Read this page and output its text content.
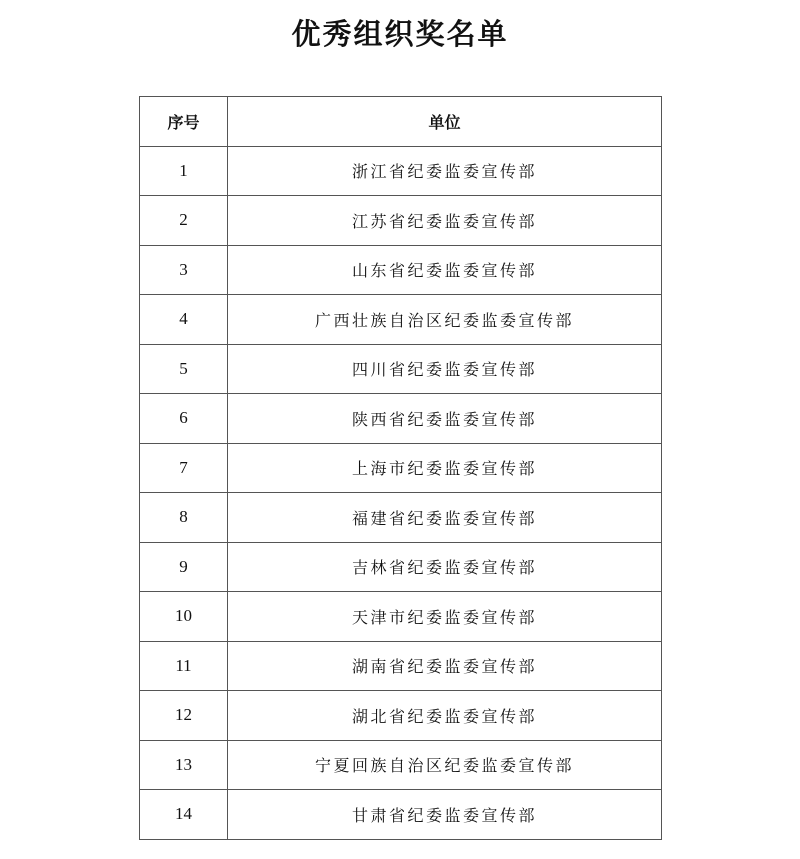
优秀组织奖名单
序号	单位
1	浙江省纪委监委宣传部
2	江苏省纪委监委宣传部
3	山东省纪委监委宣传部
4	广西壮族自治区纪委监委宣传部
5	四川省纪委监委宣传部
6	陕西省纪委监委宣传部
7	上海市纪委监委宣传部
8	福建省纪委监委宣传部
9	吉林省纪委监委宣传部
10	天津市纪委监委宣传部
11	湖南省纪委监委宣传部
12	湖北省纪委监委宣传部
13	宁夏回族自治区纪委监委宣传部
14	甘肃省纪委监委宣传部
